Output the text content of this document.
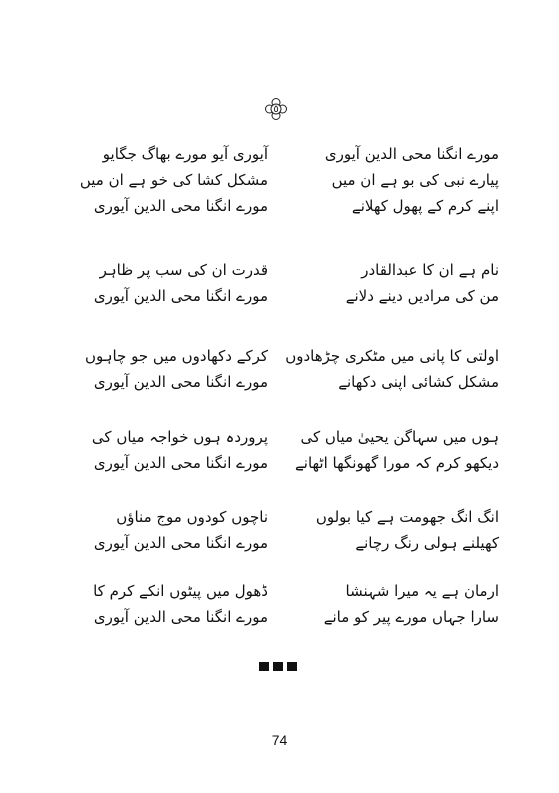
٥
مورے انگنا محی الدین آیوری
آیوری آیو مورے بھاگ جگایو
پیارے نبی کی بو ہے ان میں
مشکل کشا کی خو ہے ان میں
اپنے کرم کے پھول کھلانے
مورے انگنا محی الدین آیوری
نام ہے ان کا عبدالقادر
قدرت ان کی سب پر ظاہر
من کی مرادیں دینے دلانے
مورے انگنا محی الدین آیوری
اولتی کا پانی میں مٹکری چڑھادوں
کرکے دکھادوں میں جو چاہوں
مشکل کشائی اپنی دکھانے
مورے انگنا محی الدین آیوری
ہوں میں سہاگن یحییٰ میاں کی
پروردہ ہوں خواجہ میاں کی
دیکھو کرم کہ مورا گھونگھا اٹھانے
مورے انگنا محی الدین آیوری
انگ انگ جھومت ہے کیا بولوں
ناچوں کودوں موج مناؤں
کھیلنے ہولی رنگ رچانے
مورے انگنا محی الدین آیوری
ارمان ہے یہ میرا شہنشا
ڈھول میں پیٹوں انکے کرم کا
سارا جہاں مورے پیر کو مانے
مورے انگنا محی الدین آیوری
74
